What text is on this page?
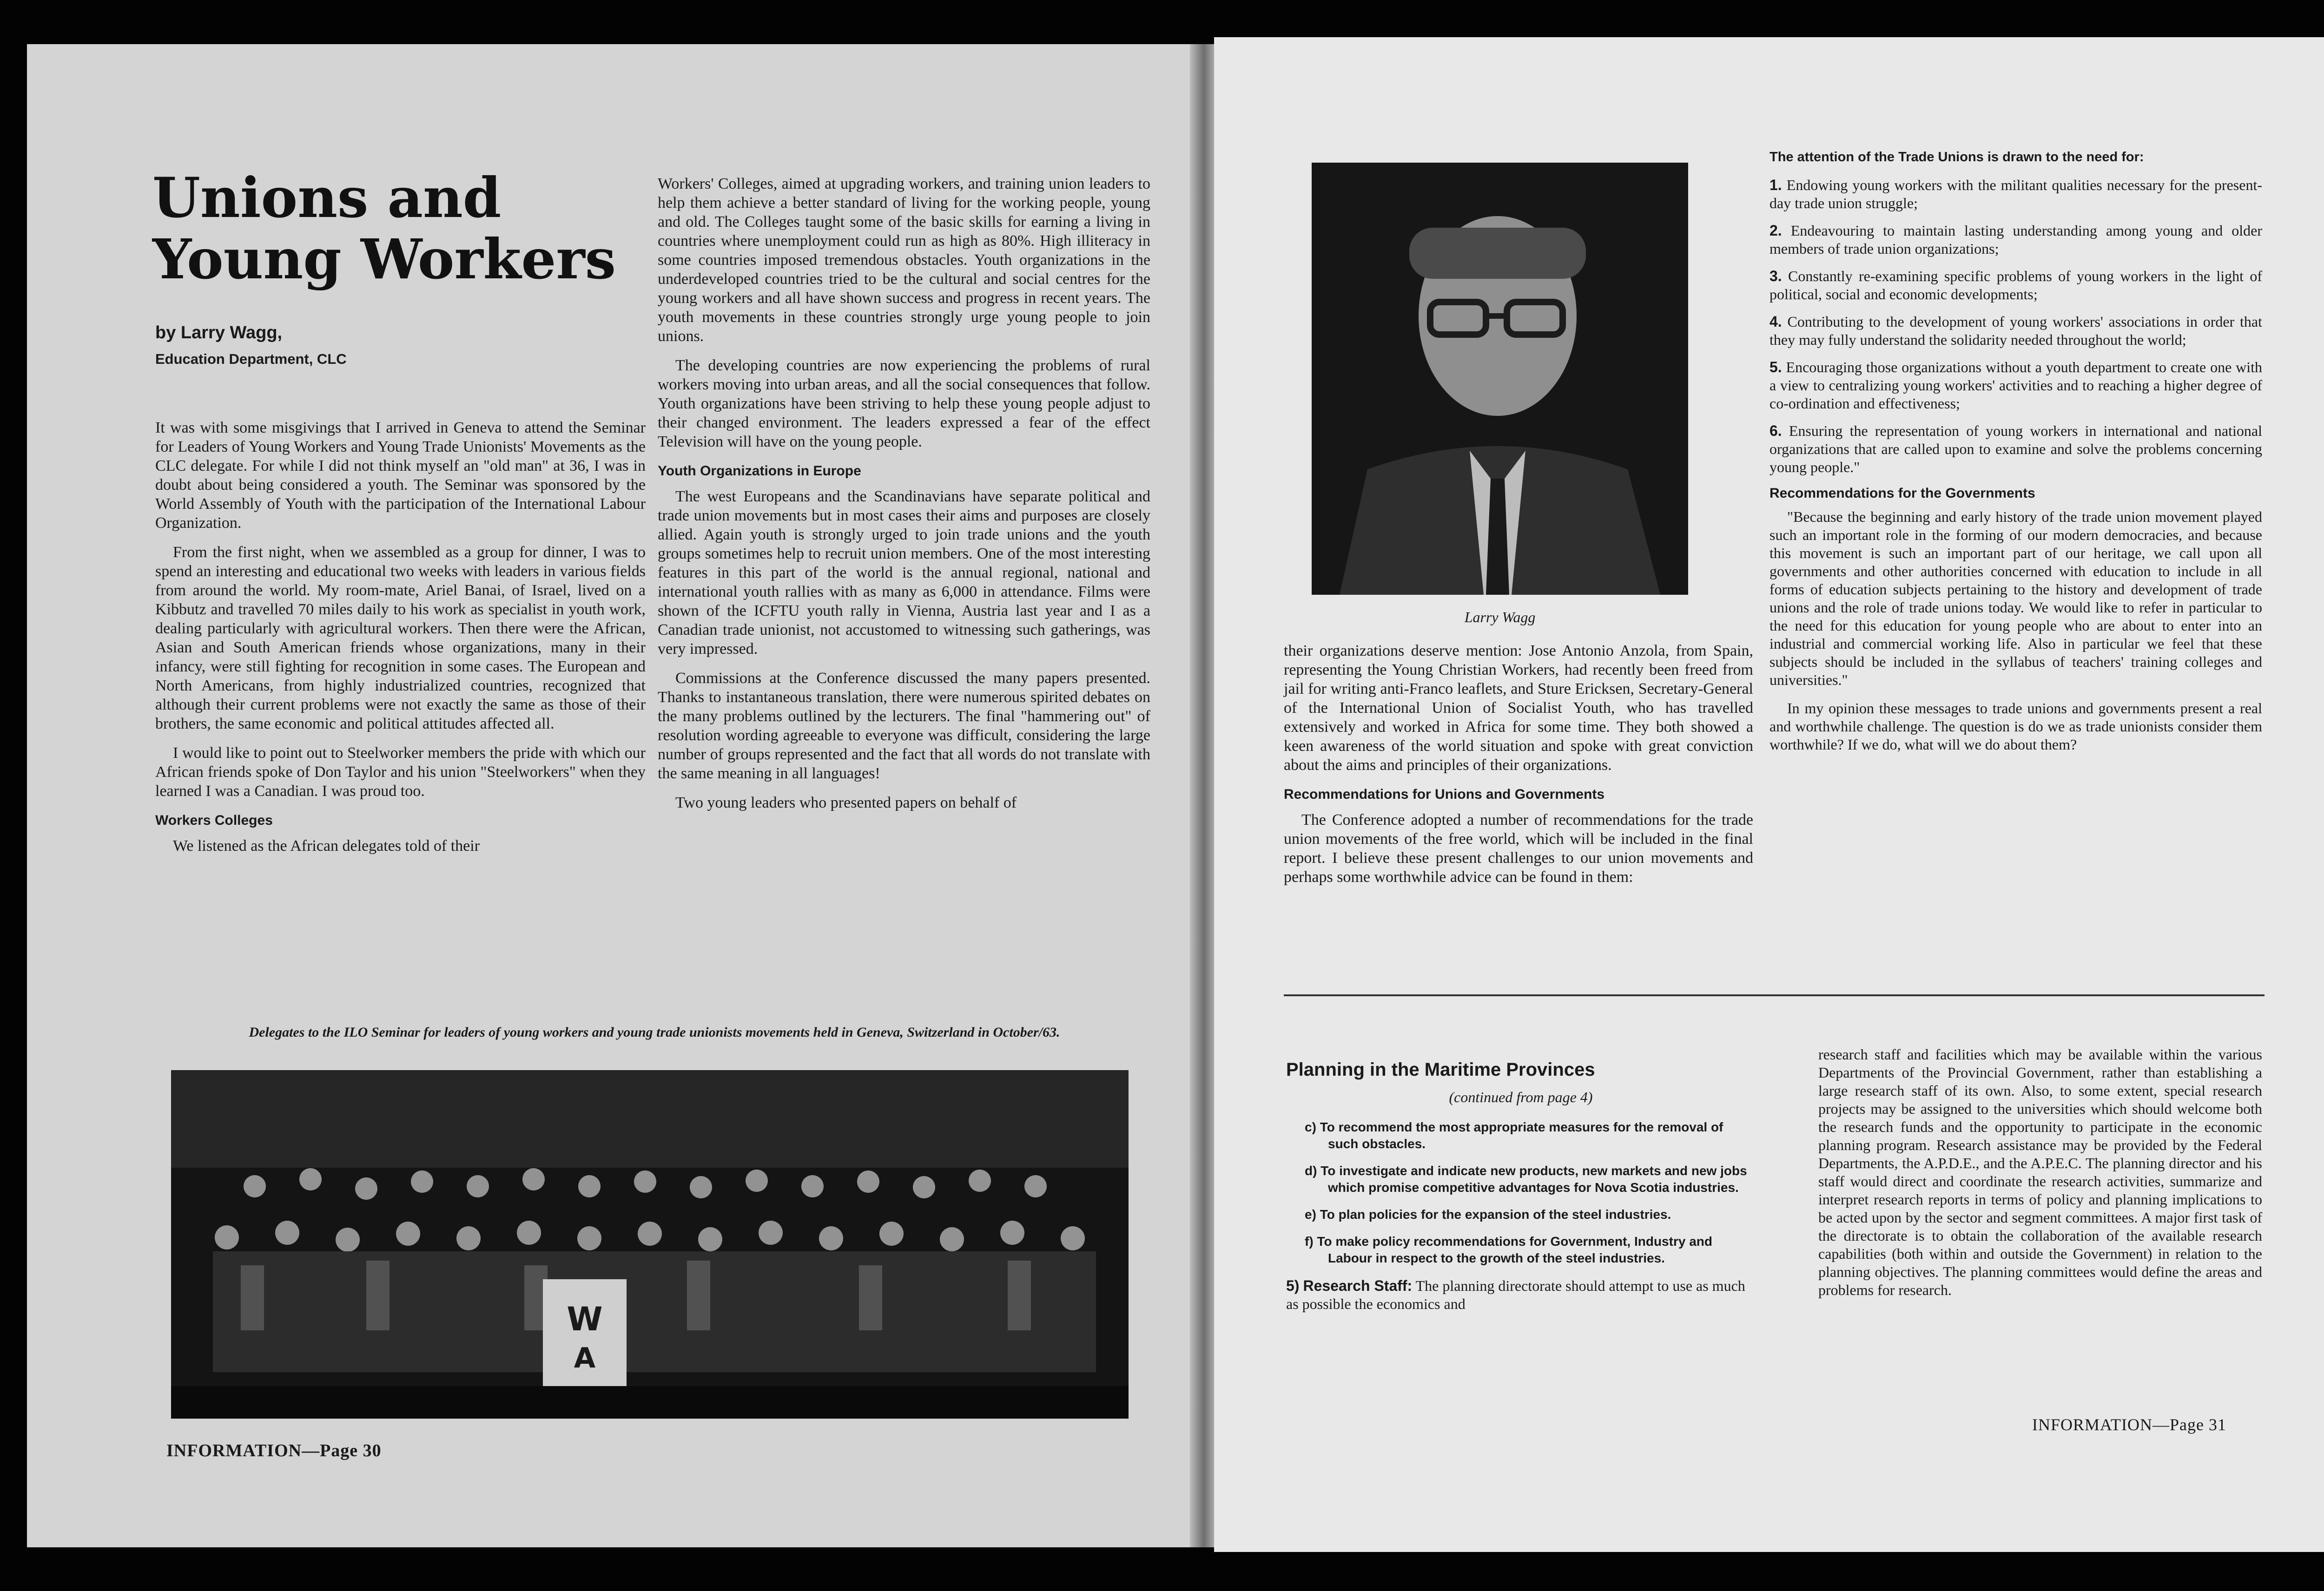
Unions and
Young Workers
by Larry Wagg,
Education Department, CLC

It was with some misgivings that I arrived in Geneva to attend the Seminar for Leaders of Young Workers and Young Trade Unionists' Movements as the CLC delegate. For while I did not think myself an "old man" at 36, I was in doubt about being considered a youth. The Seminar was sponsored by the World Assembly of Youth with the participation of the International Labour Organization.

From the first night, when we assembled as a group for dinner, I was to spend an interesting and educational two weeks with leaders in various fields from around the world. My room-mate, Ariel Banai, of Israel, lived on a Kibbutz and travelled 70 miles daily to his work as specialist in youth work, dealing particularly with agricultural workers. Then there were the African, Asian and South American friends whose organizations, many in their infancy, were still fighting for recognition in some cases. The European and North Americans, from highly industrialized countries, recognized that although their current problems were not exactly the same as those of their brothers, the same economic and political attitudes affected all.

I would like to point out to Steelworker members the pride with which our African friends spoke of Don Taylor and his union "Steelworkers" when they learned I was a Canadian. I was proud too.

Workers Colleges

We listened as the African delegates told of their

Workers' Colleges, aimed at upgrading workers, and training union leaders to help them achieve a better standard of living for the working people, young and old. The Colleges taught some of the basic skills for earning a living in countries where unemployment could run as high as 80%. High illiteracy in some countries imposed tremendous obstacles. Youth organizations in the underdeveloped countries tried to be the cultural and social centres for the young workers and all have shown success and progress in recent years. The youth movements in these countries strongly urge young people to join unions.

The developing countries are now experiencing the problems of rural workers moving into urban areas, and all the social consequences that follow. Youth organizations have been striving to help these young people adjust to their changed environment. The leaders expressed a fear of the effect Television will have on the young people.

Youth Organizations in Europe

The west Europeans and the Scandinavians have separate political and trade union movements but in most cases their aims and purposes are closely allied. Again youth is strongly urged to join trade unions and the youth groups sometimes help to recruit union members. One of the most interesting features in this part of the world is the annual regional, national and international youth rallies with as many as 6,000 in attendance. Films were shown of the ICFTU youth rally in Vienna, Austria last year and I as a Canadian trade unionist, not accustomed to witnessing such gatherings, was very impressed.

Commissions at the Conference discussed the many papers presented. Thanks to instantaneous translation, there were numerous spirited debates on the many problems outlined by the lecturers. The final "hammering out" of resolution wording agreeable to everyone was difficult, considering the large number of groups represented and the fact that all words do not translate with the same meaning in all languages!

Two young leaders who presented papers on behalf of

Delegates to the ILO Seminar for leaders of young workers and young trade unionists movements held in Geneva, Switzerland in October/63.
W
A
INFORMATION—Page 30
Larry Wagg

their organizations deserve mention: Jose Antonio Anzola, from Spain, representing the Young Christian Workers, had recently been freed from jail for writing anti-Franco leaflets, and Sture Ericksen, Secretary-General of the International Union of Socialist Youth, who has travelled extensively and worked in Africa for some time. They both showed a keen awareness of the world situation and spoke with great conviction about the aims and principles of their organizations.

Recommendations for Unions and Governments

The Conference adopted a number of recommendations for the trade union movements of the free world, which will be included in the final report. I believe these present challenges to our union movements and perhaps some worthwhile advice can be found in them:

The attention of the Trade Unions is drawn to the need for:
1. Endowing young workers with the militant qualities necessary for the present-day trade union struggle;
2. Endeavouring to maintain lasting understanding among young and older members of trade union organizations;
3. Constantly re-examining specific problems of young workers in the light of political, social and economic developments;
4. Contributing to the development of young workers' associations in order that they may fully understand the solidarity needed throughout the world;
5. Encouraging those organizations without a youth department to create one with a view to centralizing young workers' activities and to reaching a higher degree of co-ordination and effectiveness;
6. Ensuring the representation of young workers in international and national organizations that are called upon to examine and solve the problems concerning young people."
Recommendations for the Governments

"Because the beginning and early history of the trade union movement played such an important role in the forming of our modern democracies, and because this movement is such an important part of our heritage, we call upon all governments and other authorities concerned with education to include in all forms of education subjects pertaining to the history and development of trade unions and the role of trade unions today. We would like to refer in particular to the need for this education for young people who are about to enter into an industrial and commercial working life. Also in particular we feel that these subjects should be included in the syllabus of teachers' training colleges and universities."

In my opinion these messages to trade unions and governments present a real and worthwhile challenge. The question is do we as trade unionists consider them worthwhile? If we do, what will we do about them?

Planning in the Maritime Provinces
(continued from page 4)
c) To recommend the most appropriate measures for the removal of such obstacles.
d) To investigate and indicate new products, new markets and new jobs which promise competitive advantages for Nova Scotia industries.
e) To plan policies for the expansion of the steel industries.
f) To make policy recommendations for Government, Industry and Labour in respect to the growth of the steel industries.
5) Research Staff: The planning directorate should attempt to use as much as possible the economics and

research staff and facilities which may be available within the various Departments of the Provincial Government, rather than establishing a large research staff of its own. Also, to some extent, special research projects may be assigned to the universities which should welcome both the research funds and the opportunity to participate in the economic planning program. Research assistance may be provided by the Federal Departments, the A.P.D.E., and the A.P.E.C. The planning director and his staff would direct and coordinate the research activities, summarize and interpret research reports in terms of policy and planning implications to be acted upon by the sector and segment committees. A major first task of the directorate is to obtain the collaboration of the available research capabilities (both within and outside the Government) in relation to the planning objectives. The planning committees would define the areas and problems for research.

INFORMATION—Page 31
